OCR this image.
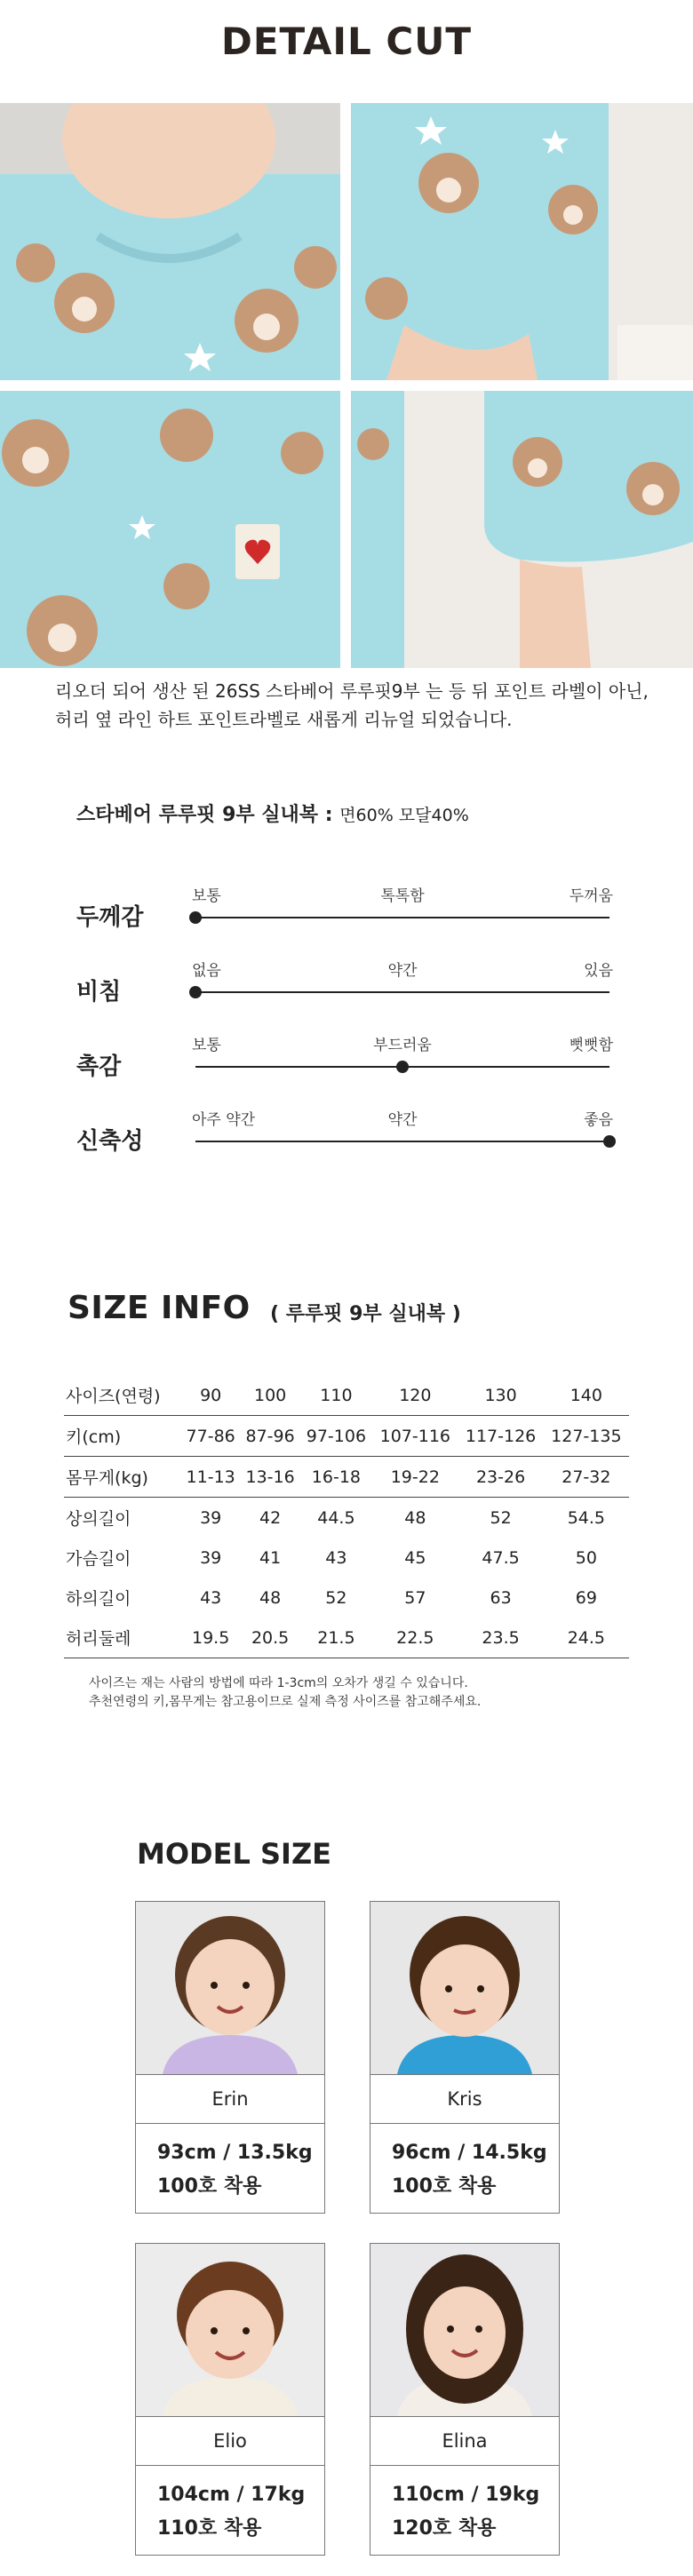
DETAIL CUT
리오더 되어 생산 된 26SS 스타베어 루루핏9부 는 등 뒤 포인트 라벨이 아닌,
허리 옆 라인 하트 포인트라벨로 새롭게 리뉴얼 되었습니다.
스타베어 루루핏 9부 실내복 : 면60% 모달40%
두께감
보통	톡톡함	두꺼움
비침
없음	약간	있음
촉감
보통	부드러움	뻣뻣함
신축성
아주 약간	약간	좋음
SIZE INFO ( 루루핏 9부 실내복 )
사이즈(연령)	90	100	110	120	130	140
키(cm)	77-86	87-96	97-106	107-116	117-126	127-135
몸무게(kg)	11-13	13-16	16-18	19-22	23-26	27-32
상의길이	39	42	44.5	48	52	54.5
가슴길이	39	41	43	45	47.5	50
하의길이	43	48	52	57	63	69
허리둘레	19.5	20.5	21.5	22.5	23.5	24.5
사이즈는 재는 사람의 방법에 따라 1-3cm의 오차가 생길 수 있습니다.
추천연령의 키,몸무게는 참고용이므로 실제 측정 사이즈를 참고해주세요.
MODEL SIZE
Erin
93cm / 13.5kg
100호 착용
Kris
96cm / 14.5kg
100호 착용
Elio
104cm / 17kg
110호 착용
Elina
110cm / 19kg
120호 착용
